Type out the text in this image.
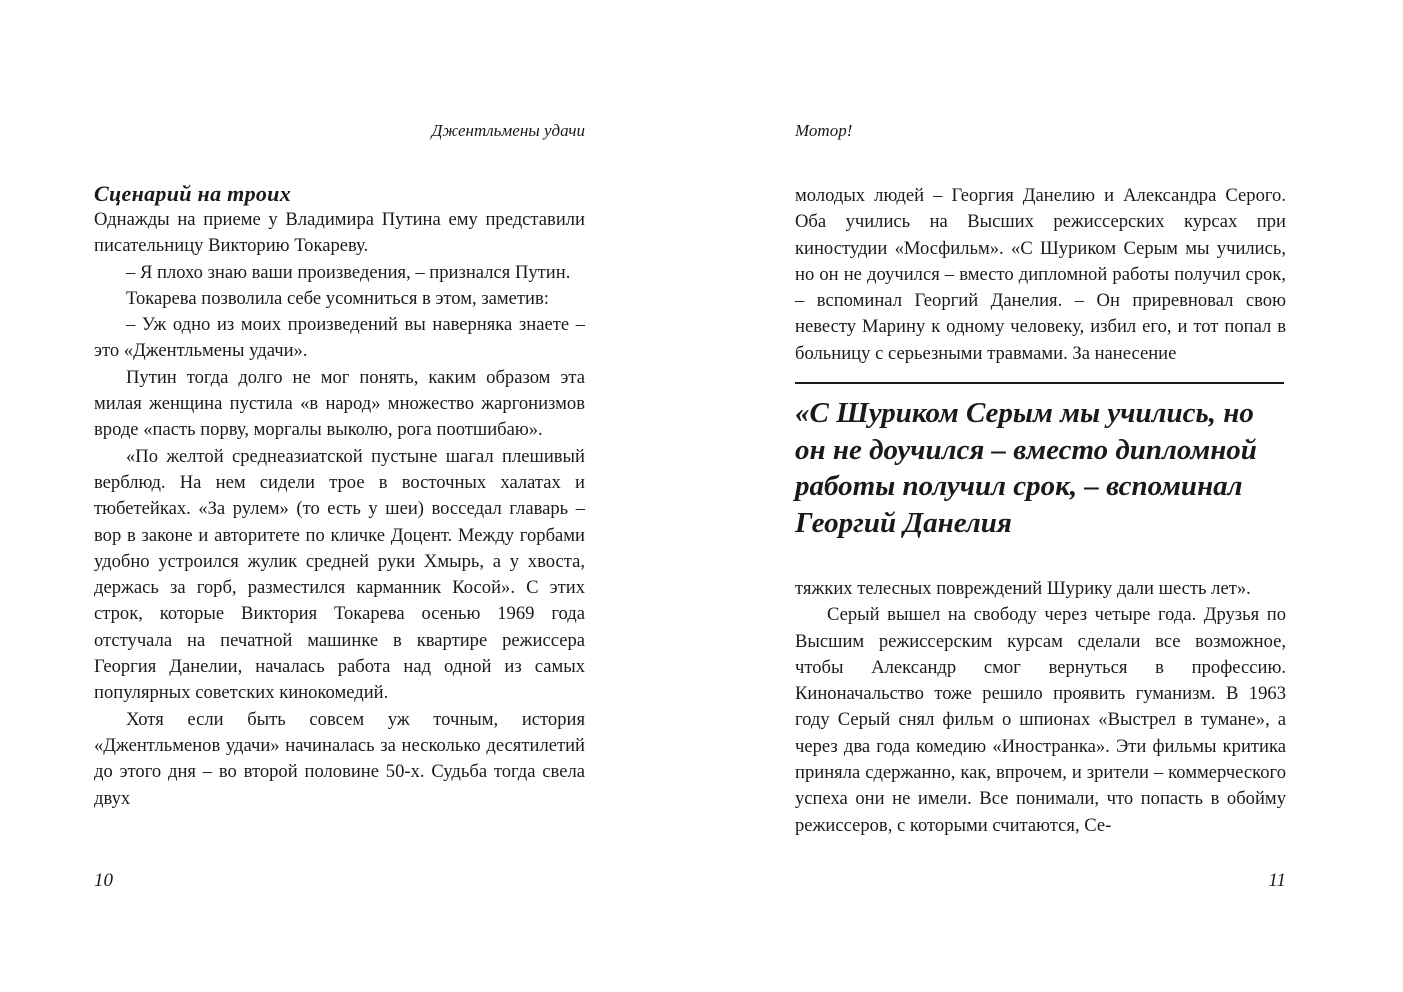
Джентльмены удачи
Сценарий на троих

Однажды на приеме у Владимира Путина ему представили писательницу Викторию Токареву.

– Я плохо знаю ваши произведения, – признался Путин.

Токарева позволила себе усомниться в этом, заметив:

– Уж одно из моих произведений вы наверняка знаете – это «Джентльмены удачи».

Путин тогда долго не мог понять, каким образом эта милая женщина пустила «в народ» множество жаргонизмов вроде «пасть порву, моргалы выколю, рога поотшибаю».

«По желтой среднеазиатской пустыне шагал плешивый верблюд. На нем сидели трое в восточных халатах и тюбетейках. «За рулем» (то есть у шеи) восседал главарь – вор в законе и авторитете по кличке Доцент. Между горбами удобно устроился жулик средней руки Хмырь, а у хвоста, держась за горб, разместился карманник Косой». С этих строк, которые Виктория Токарева осенью 1969 года отстучала на печатной машинке в квартире режиссера Георгия Данелии, началась работа над одной из самых популярных советских кинокомедий.

Хотя если быть совсем уж точным, история «Джентльменов удачи» начиналась за несколько десятилетий до этого дня – во второй половине 50-х. Судьба тогда свела двух

10
Мотор!

молодых людей – Георгия Данелию и Александра Серого. Оба учились на Высших режиссерских курсах при киностудии «Мосфильм». «С Шуриком Серым мы учились, но он не доучился – вместо дипломной работы получил срок, – вспоминал Георгий Данелия. – Он приревновал свою невесту Марину к одному человеку, избил его, и тот попал в больницу с серьезными травмами. За нанесение

«С Шуриком Серым мы учились, но он не доучился – вместо дипломной работы получил срок, – вспоминал Георгий Данелия

тяжких телесных повреждений Шурику дали шесть лет».

Серый вышел на свободу через четыре года. Друзья по Высшим режиссерским курсам сделали все возможное, чтобы Александр смог вернуться в профессию. Киноначальство тоже решило проявить гуманизм. В 1963 году Серый снял фильм о шпионах «Выстрел в тумане», а через два года комедию «Иностранка». Эти фильмы критика приняла сдержанно, как, впрочем, и зрители – коммерческого успеха они не имели. Все понимали, что попасть в обойму режиссеров, с которыми считаются, Се-

11
